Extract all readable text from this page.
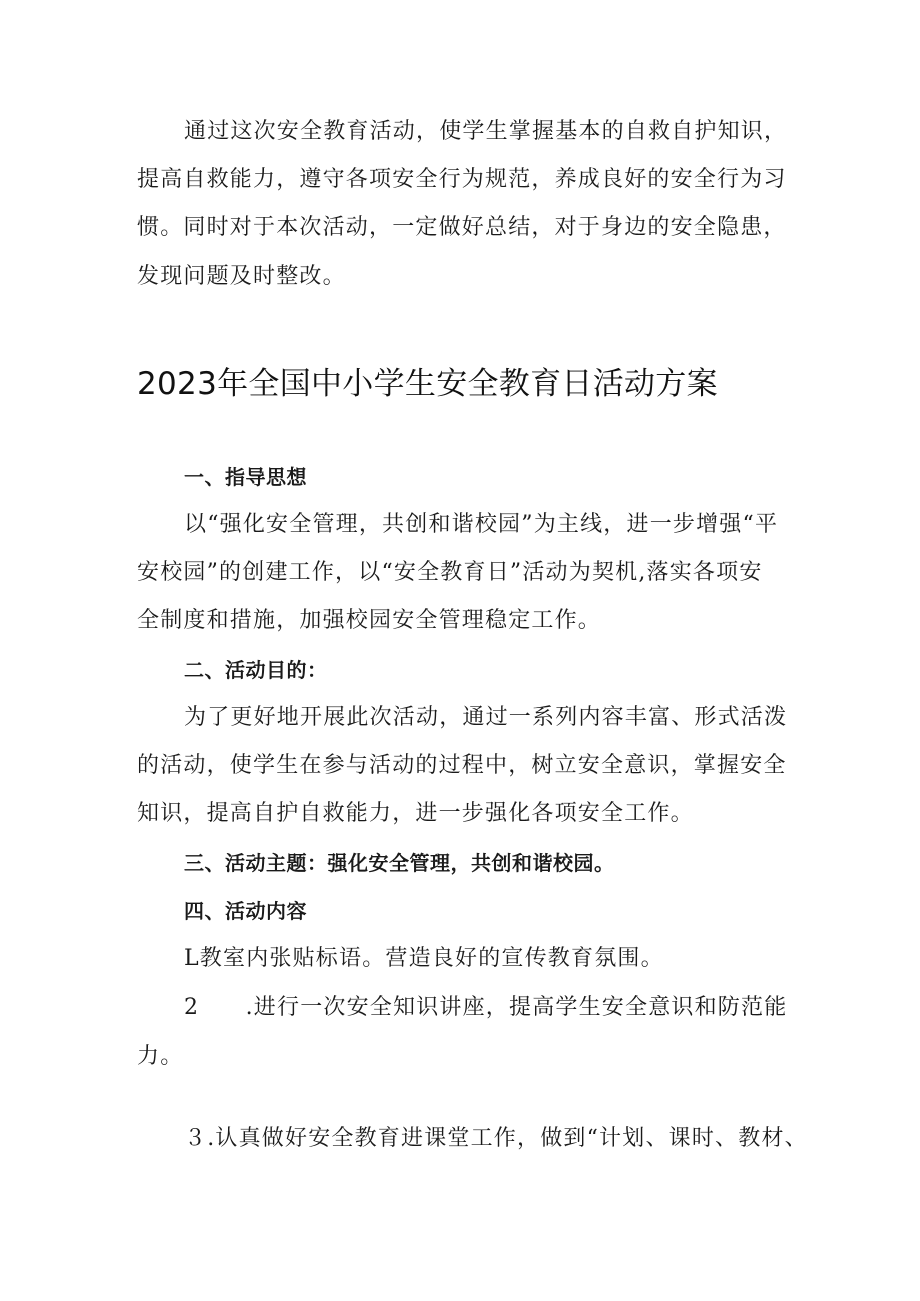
通过这次安全教育活动，使学生掌握基本的自救自护知识，
提高自救能力，遵守各项安全行为规范，养成良好的安全行为习
惯。同时对于本次活动，一定做好总结，对于身边的安全隐患，
发现问题及时整改。
2023年全国中小学生安全教育日活动方案
一、指导思想
以“强化安全管理，共创和谐校园”为主线，进一步增强“平
安校园”的创建工作，以“安全教育日”活动为契机,落实各项安
全制度和措施，加强校园安全管理稳定工作。
二、活动目的：
为了更好地开展此次活动，通过一系列内容丰富、形式活泼
的活动，使学生在参与活动的过程中，树立安全意识，掌握安全
知识，提高自护自救能力，进一步强化各项安全工作。
三、活动主题：强化安全管理，共创和谐校园。
四、活动内容
L教室内张贴标语。营造良好的宣传教育氛围。
2　　.进行一次安全知识讲座，提高学生安全意识和防范能
力。
３.认真做好安全教育进课堂工作，做到“计划、课时、教材、
